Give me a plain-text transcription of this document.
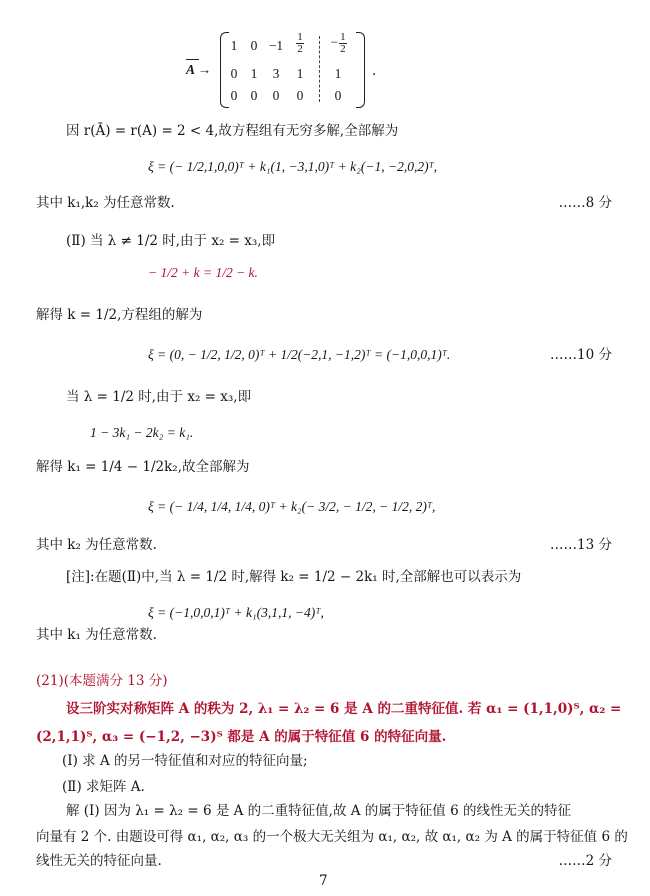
A →
1 $0 -1 \frac{1}{2}$	− $\frac{1}{2}$
0 1	3	1	1
0 0	0	0	0
.
因 r(Ā) = r(A) = 2 < 4,故方程组有无穷多解,全部解为
ξ = (− 1/2,1,0,0)ᵀ + k₁(1, −3,1,0)ᵀ + k₂(−1, −2,0,2)ᵀ,
其中 k₁,k₂ 为任意常数.	……8 分
(Ⅱ) 当 λ ≠ 1/2 时,由于 x₂ = x₃,即
− 1/2 + k = 1/2 − k.
解得 k = 1/2,方程组的解为
ξ = (0, − 1/2, 1/2, 0)ᵀ + 1/2(−2,1, −1,2)ᵀ = (−1,0,0,1)ᵀ.	……10 分
当 λ = 1/2 时,由于 x₂ = x₃,即
1 − 3k₁ − 2k₂ = k₁.
解得 k₁ = 1/4 − 1/2k₂,故全部解为
ξ = (− 1/4, 1/4, 1/4, 0)ᵀ + k₂(− 3/2, − 1/2, − 1/2, 2)ᵀ,
其中 k₂ 为任意常数.	……13 分
[注]:在题(Ⅱ)中,当 λ = 1/2 时,解得 k₂ = 1/2 − 2k₁ 时,全部解也可以表示为
ξ = (−1,0,0,1)ᵀ + k₁(3,1,1, −4)ᵀ,
其中 k₁ 为任意常数.
(21)(本题满分 13 分)
设三阶实对称矩阵 A 的秩为 2, λ₁ = λ₂ = 6 是 A 的二重特征值. 若 α₁ = (1,1,0)ᵀ, α₂ =
(2,1,1)ᵀ, α₃ = (−1,2, −3)ᵀ 都是 A 的属于特征值 6 的特征向量.
(Ⅰ) 求 A 的另一特征值和对应的特征向量;
(Ⅱ) 求矩阵 A.
解 (Ⅰ) 因为 λ₁ = λ₂ = 6 是 A 的二重特征值,故 A 的属于特征值 6 的线性无关的特征
向量有 2 个. 由题设可得 α₁, α₂, α₃ 的一个极大无关组为 α₁, α₂, 故 α₁, α₂ 为 A 的属于特征值 6 的
线性无关的特征向量.	……2 分
7
